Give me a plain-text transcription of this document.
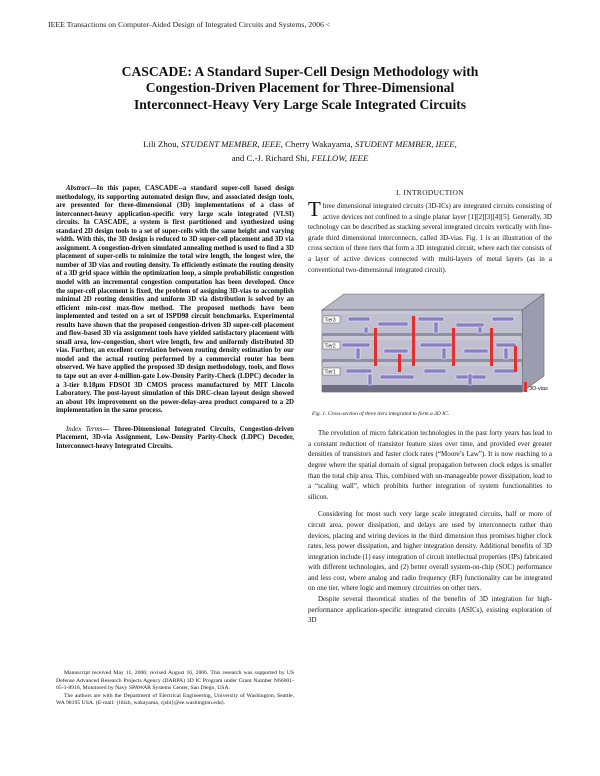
IEEE Transactions on Computer-Aided Design of Integrated Circuits and Systems, 2006 <
CASCADE: A Standard Super-Cell Design Methodology with
Congestion-Driven Placement for Three-Dimensional
Interconnect-Heavy Very Large Scale Integrated Circuits
Lili Zhou, STUDENT MEMBER, IEEE, Cherry Wakayama, STUDENT MEMBER, IEEE,
and C.-J. Richard Shi, FELLOW, IEEE

Abstract—In this paper, CASCADE--a standard super-cell based design methodology, its supporting automated design flow, and associated design tools, are presented for three-dimensional (3D) implementations of a class of interconnect-heavy application-specific very large scale integrated (VLSI) circuits. In CASCADE, a system is first partitioned and synthesized using standard 2D design tools to a set of super-cells with the same height and varying width. With this, the 3D design is reduced to 3D super-cell placement and 3D via assignment. A congestion-driven simulated annealing method is used to find a 3D placement of super-cells to minimize the total wire length, the longest wire, the number of 3D vias and routing density. To efficiently estimate the routing density of a 3D grid space within the optimization loop, a simple probabilistic congestion model with an incremental congestion computation has been developed. Once the super-cell placement is fixed, the problem of assigning 3D-vias to accomplish minimal 2D routing densities and uniform 3D via distribution is solved by an efficient min-cost max-flow method. The proposed methods have been implemented and tested on a set of ISPD98 circuit benchmarks. Experimental results have shown that the proposed congestion-driven 3D super-cell placement and flow-based 3D via assignment tools have yielded satisfactory placement with small area, low-congestion, short wire length, few and uniformly distributed 3D vias. Further, an excellent correlation between routing density estimation by our model and the actual routing performed by a commercial router has been observed. We have applied the proposed 3D design methodology, tools, and flows to tape out an over 4-million-gate Low-Density Parity-Check (LDPC) decoder in a 3-tier 0.18µm FDSOI 3D CMOS process manufactured by MIT Lincoln Laboratory. The post-layout simulation of this DRC-clean layout design showed an about 10x improvement on the power-delay-area product compared to a 2D implementation in the same process.

Index Terms— Three-Dimensional Integrated Circuits, Congestion-driven Placement, 3D-via Assignment, Low-Density Parity-Check (LDPC) Decoder, Interconnect-heavy Integrated Circuits.

Manuscript received May 11, 2006; revised August 16, 2006. This research was supported by US Defense Advanced Research Projects Agency (DARPA) 3D IC Program under Grant Number N66001-05-1-8918, Monitored by Navy SPAWAR Systems Center, San Diego, USA.

The authors are with the Department of Electrical Engineering, University of Washington, Seattle, WA 98195 USA. (E-mail: {lilizh, wakayama, cjshi}@ee.washington.edu).

I. INTRODUCTION

Three dimensional integrated circuits (3D-ICs) are integrated circuits consisting of active devices not confined to a single planar layer [1][2][3][4][5]. Generally, 3D technology can be described as stacking several integrated circuits vertically with fine-grade third dimensional interconnects, called 3D-vias. Fig. 1 is an illustration of the cross section of three tiers that form a 3D integrated circuit, where each tier consists of a layer of active devices connected with multi-layers of metal layers (as in a conventional two-dimensional integrated circuit).

Tier3
Tier2
Tier1
3D-vias
Fig. 1. Cross-section of three tiers integrated to form a 3D IC.

The revolution of micro fabrication technologies in the past forty years has lead to a constant reduction of transistor feature sizes over time, and provided ever greater densities of transistors and faster clock rates (“Moore’s Law”). It is now reaching to a degree where the spatial domain of signal propagation between clock edges is smaller than the total chip area. This, combined with un-manageable power dissipation, lead to a “scaling wall”, which prohibits further integration of system functionalities to silicon.

Considering for most such very large scale integrated circuits, half or more of circuit area, power dissipation, and delays are used by interconnects rather than devices, placing and wiring devices in the third dimension thus promises higher clock rates, less power dissipation, and higher integration density. Additional benefits of 3D integration include (1) easy integration of circuit intellectual properties (IPs) fabricated with different technologies, and (2) better overall system-on-chip (SOC) performance and less cost, where analog and radio frequency (RF) functionality can be integrated on one tier, where logic and memory circuitries on other tiers.

Despite several theoretical studies of the benefits of 3D integration for high-performance application-specific integrated circuits (ASICs), existing exploration of 3D
